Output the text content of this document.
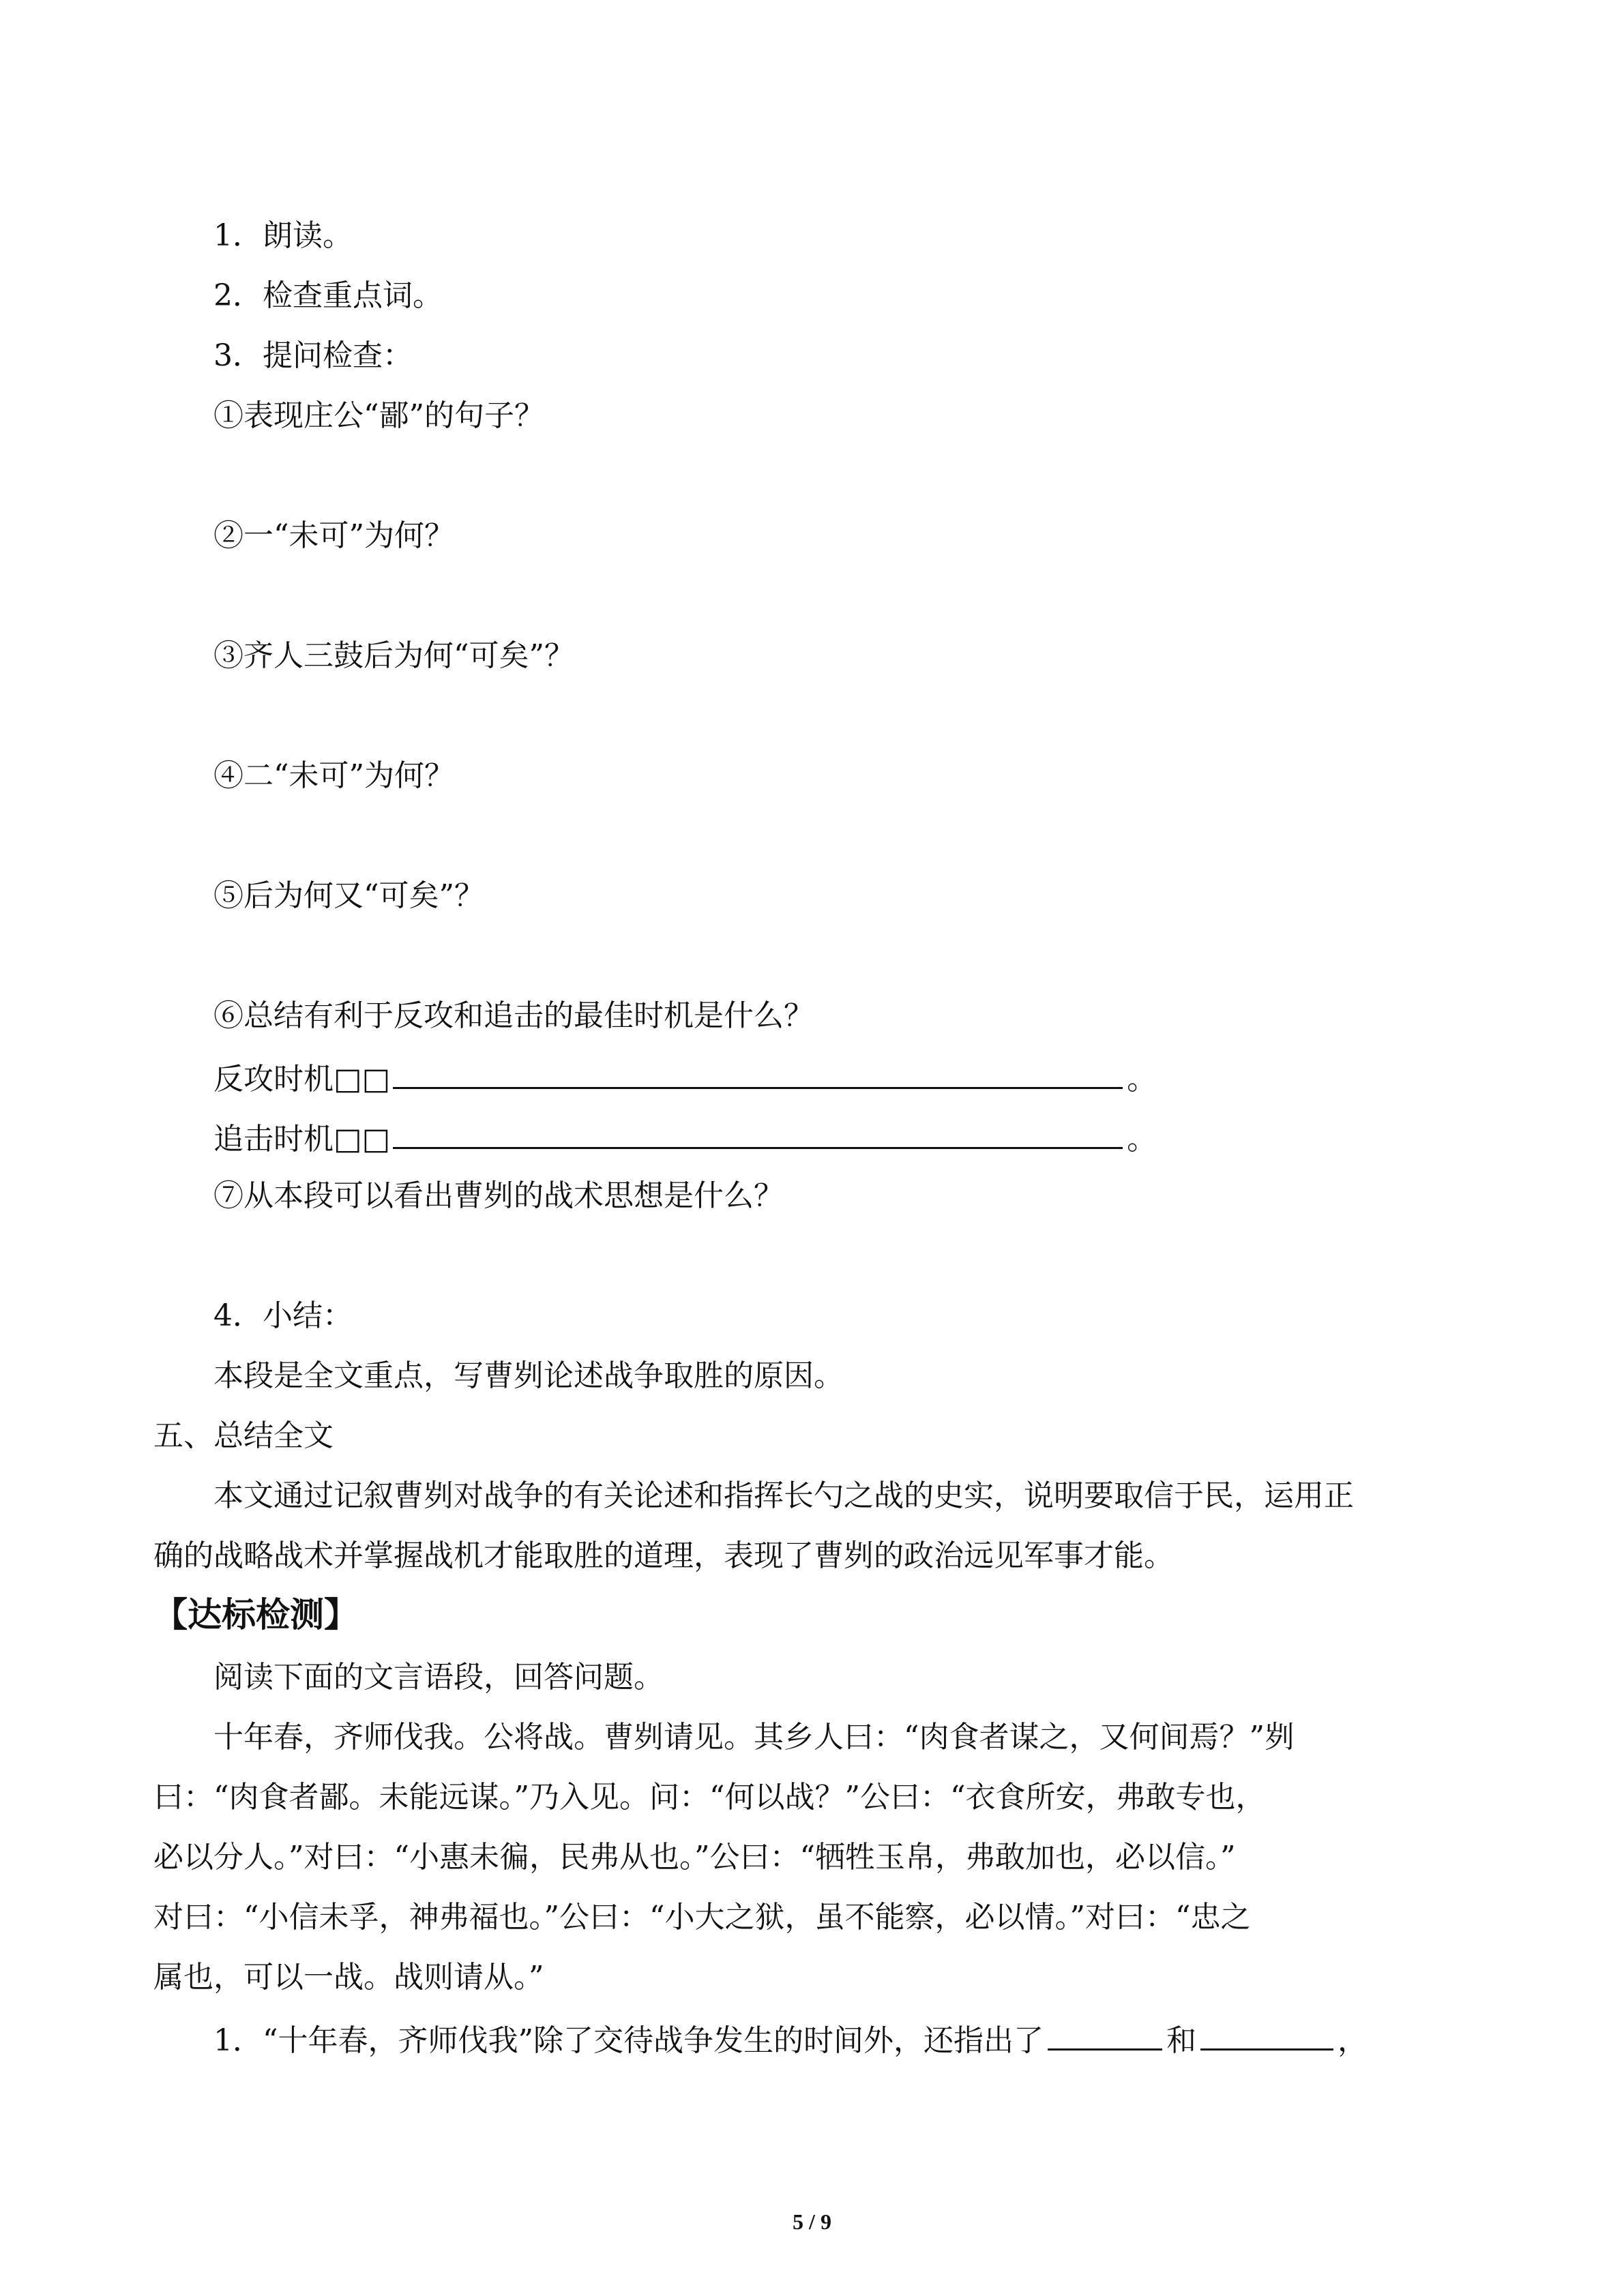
1．朗读。
2．检查重点词。
3．提问检查：
①表现庄公“鄙”的句子？
②一“未可”为何？
③齐人三鼓后为何“可矣”？
④二“未可”为何？
⑤后为何又“可矣”？
⑥总结有利于反攻和追击的最佳时机是什么？
反攻时机□□	。
追击时机□□	。
⑦从本段可以看出曹刿的战术思想是什么？
4．小结：
本段是全文重点，写曹刿论述战争取胜的原因。
五、总结全文
本文通过记叙曹刿对战争的有关论述和指挥长勺之战的史实，说明要取信于民，运用正
确的战略战术并掌握战机才能取胜的道理，表现了曹刿的政治远见军事才能。
【达标检测】
阅读下面的文言语段，回答问题。
十年春，齐师伐我。公将战。曹刿请见。其乡人曰：“肉食者谋之，又何间焉？”刿
曰：“肉食者鄙。未能远谋。”乃入见。问：“何以战？”公曰：“衣食所安，弗敢专也，
必以分人。”对曰：“小惠未徧，民弗从也。”公曰：“牺牲玉帛，弗敢加也，必以信。”
对曰：“小信未孚，神弗福也。”公曰：“小大之狱，虽不能察，必以情。”对曰：“忠之
属也，可以一战。战则请从。”
1．“十年春，齐师伐我”除了交待战争发生的时间外，还指出了	和	，
5 / 9
